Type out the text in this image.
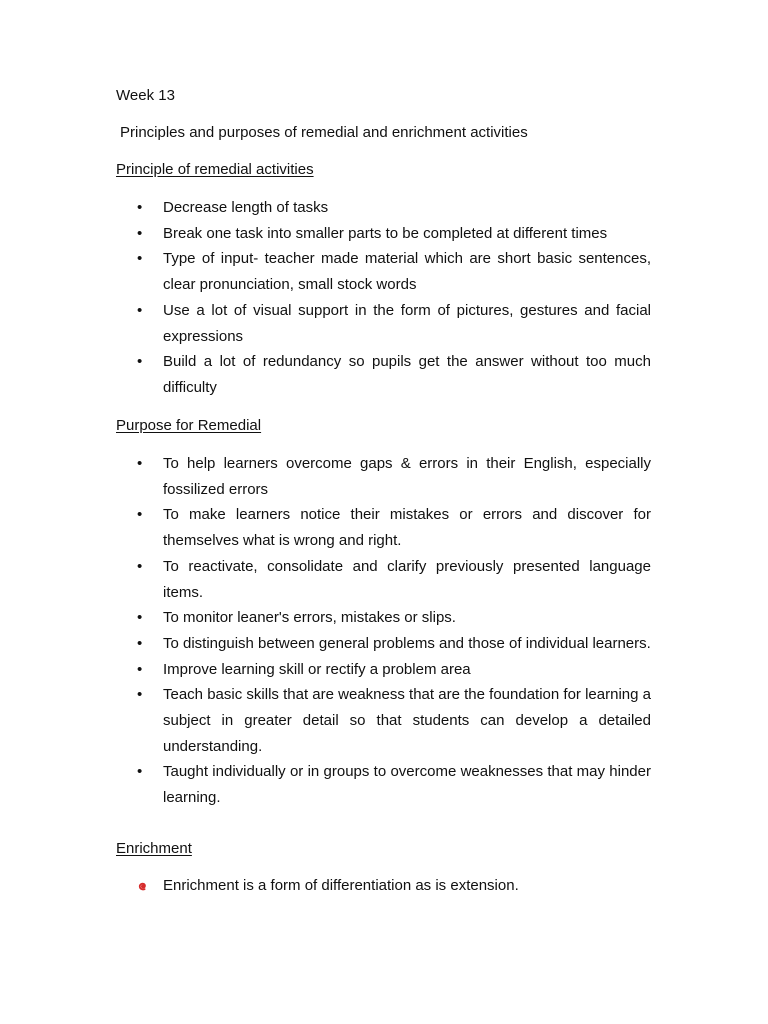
Week 13
Principles and purposes of remedial and enrichment activities
Principle of remedial activities
• Decrease length of tasks
• Break one task into smaller parts to be completed at different times
• Type of input- teacher made material which are short basic sentences, clear pronunciation, small stock words
• Use a lot of visual support in the form of pictures, gestures and facial expressions
• Build a lot of redundancy so pupils get the answer without too much difficulty
Purpose for Remedial
• To help learners overcome gaps & errors in their English, especially fossilized errors
• To make learners notice their mistakes or errors and discover for themselves what is wrong and right.
• To reactivate, consolidate and clarify previously presented language items.
• To monitor leaner's errors, mistakes or slips.
• To distinguish between general problems and those of individual learners.
• Improve learning skill or rectify a problem area
• Teach basic skills that are weakness that are the foundation for learning a subject in greater detail so that students can develop a detailed understanding.
• Taught individually or in groups to overcome weaknesses that may hinder learning.
Enrichment
Enrichment is a form of differentiation as is extension.
